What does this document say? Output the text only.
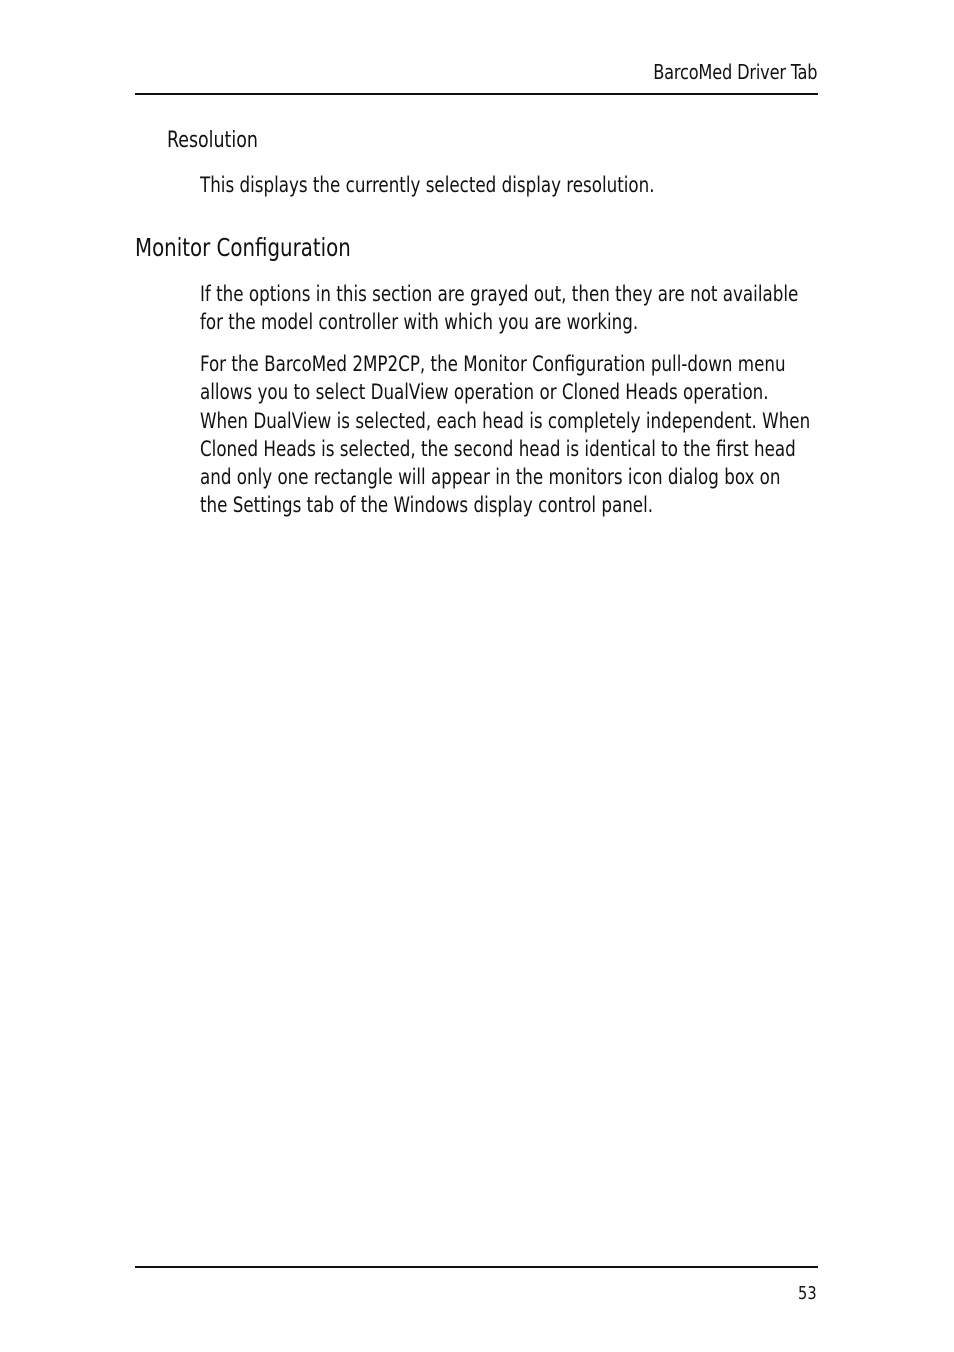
BarcoMed Driver Tab
Resolution

This displays the currently selected display resolution.

Monitor Configuration

If the options in this section are grayed out, then they are not available for the model controller with which you are working.

For the BarcoMed 2MP2CP, the Monitor Configuration pull-down menu allows you to select DualView operation or Cloned Heads operation. When DualView is selected, each head is completely independent. When Cloned Heads is selected, the second head is identical to the first head and only one rectangle will appear in the monitors icon dialog box on the Settings tab of the Windows display control panel.

53
